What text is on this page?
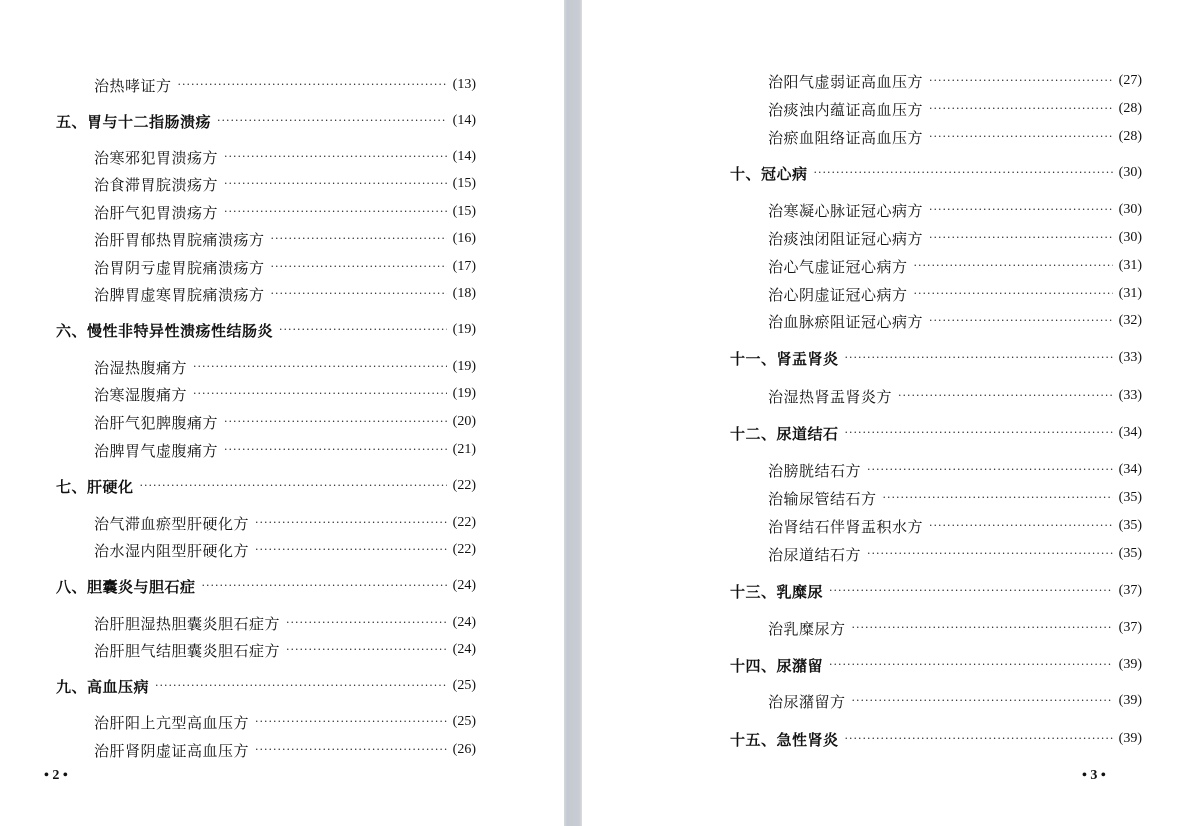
治热哮证方 ·····	(13)
五、胃与十二指肠溃疡 ·····	(14)
治寒邪犯胃溃疡方 ·····	(14)
治食滞胃脘溃疡方 ·····	(15)
治肝气犯胃溃疡方 ·····	(15)
治肝胃郁热胃脘痛溃疡方 ·····	(16)
治胃阴亏虚胃脘痛溃疡方 ·····	(17)
治脾胃虚寒胃脘痛溃疡方 ·····	(18)
六、慢性非特异性溃疡性结肠炎 ·····	(19)
治湿热腹痛方 ·····	(19)
治寒湿腹痛方 ·····	(19)
治肝气犯脾腹痛方 ·····	(20)
治脾胃气虚腹痛方 ·····	(21)
七、肝硬化 ·····	(22)
治气滞血瘀型肝硬化方 ·····	(22)
治水湿内阻型肝硬化方 ·····	(22)
八、胆囊炎与胆石症 ·····	(24)
治肝胆湿热胆囊炎胆石症方 ·····	(24)
治肝胆气结胆囊炎胆石症方 ·····	(24)
九、高血压病 ·····	(25)
治肝阳上亢型高血压方 ·····	(25)
治肝肾阴虚证高血压方 ·····	(26)
• 2 •
治阳气虚弱证高血压方 ·····	(27)
治痰浊内蕴证高血压方 ·····	(28)
治瘀血阻络证高血压方 ·····	(28)
十、冠心病 ·····	(30)
治寒凝心脉证冠心病方 ·····	(30)
治痰浊闭阻证冠心病方 ·····	(30)
治心气虚证冠心病方 ·····	(31)
治心阴虚证冠心病方 ·····	(31)
治血脉瘀阻证冠心病方 ·····	(32)
十一、肾盂肾炎 ·····	(33)
治湿热肾盂肾炎方 ·····	(33)
十二、尿道结石 ·····	(34)
治膀胱结石方 ·····	(34)
治输尿管结石方 ·····	(35)
治肾结石伴肾盂积水方 ·····	(35)
治尿道结石方 ·····	(35)
十三、乳糜尿 ·····	(37)
治乳糜尿方 ·····	(37)
十四、尿潴留 ·····	(39)
治尿潴留方 ·····	(39)
十五、急性肾炎 ·····	(39)
• 3 •
